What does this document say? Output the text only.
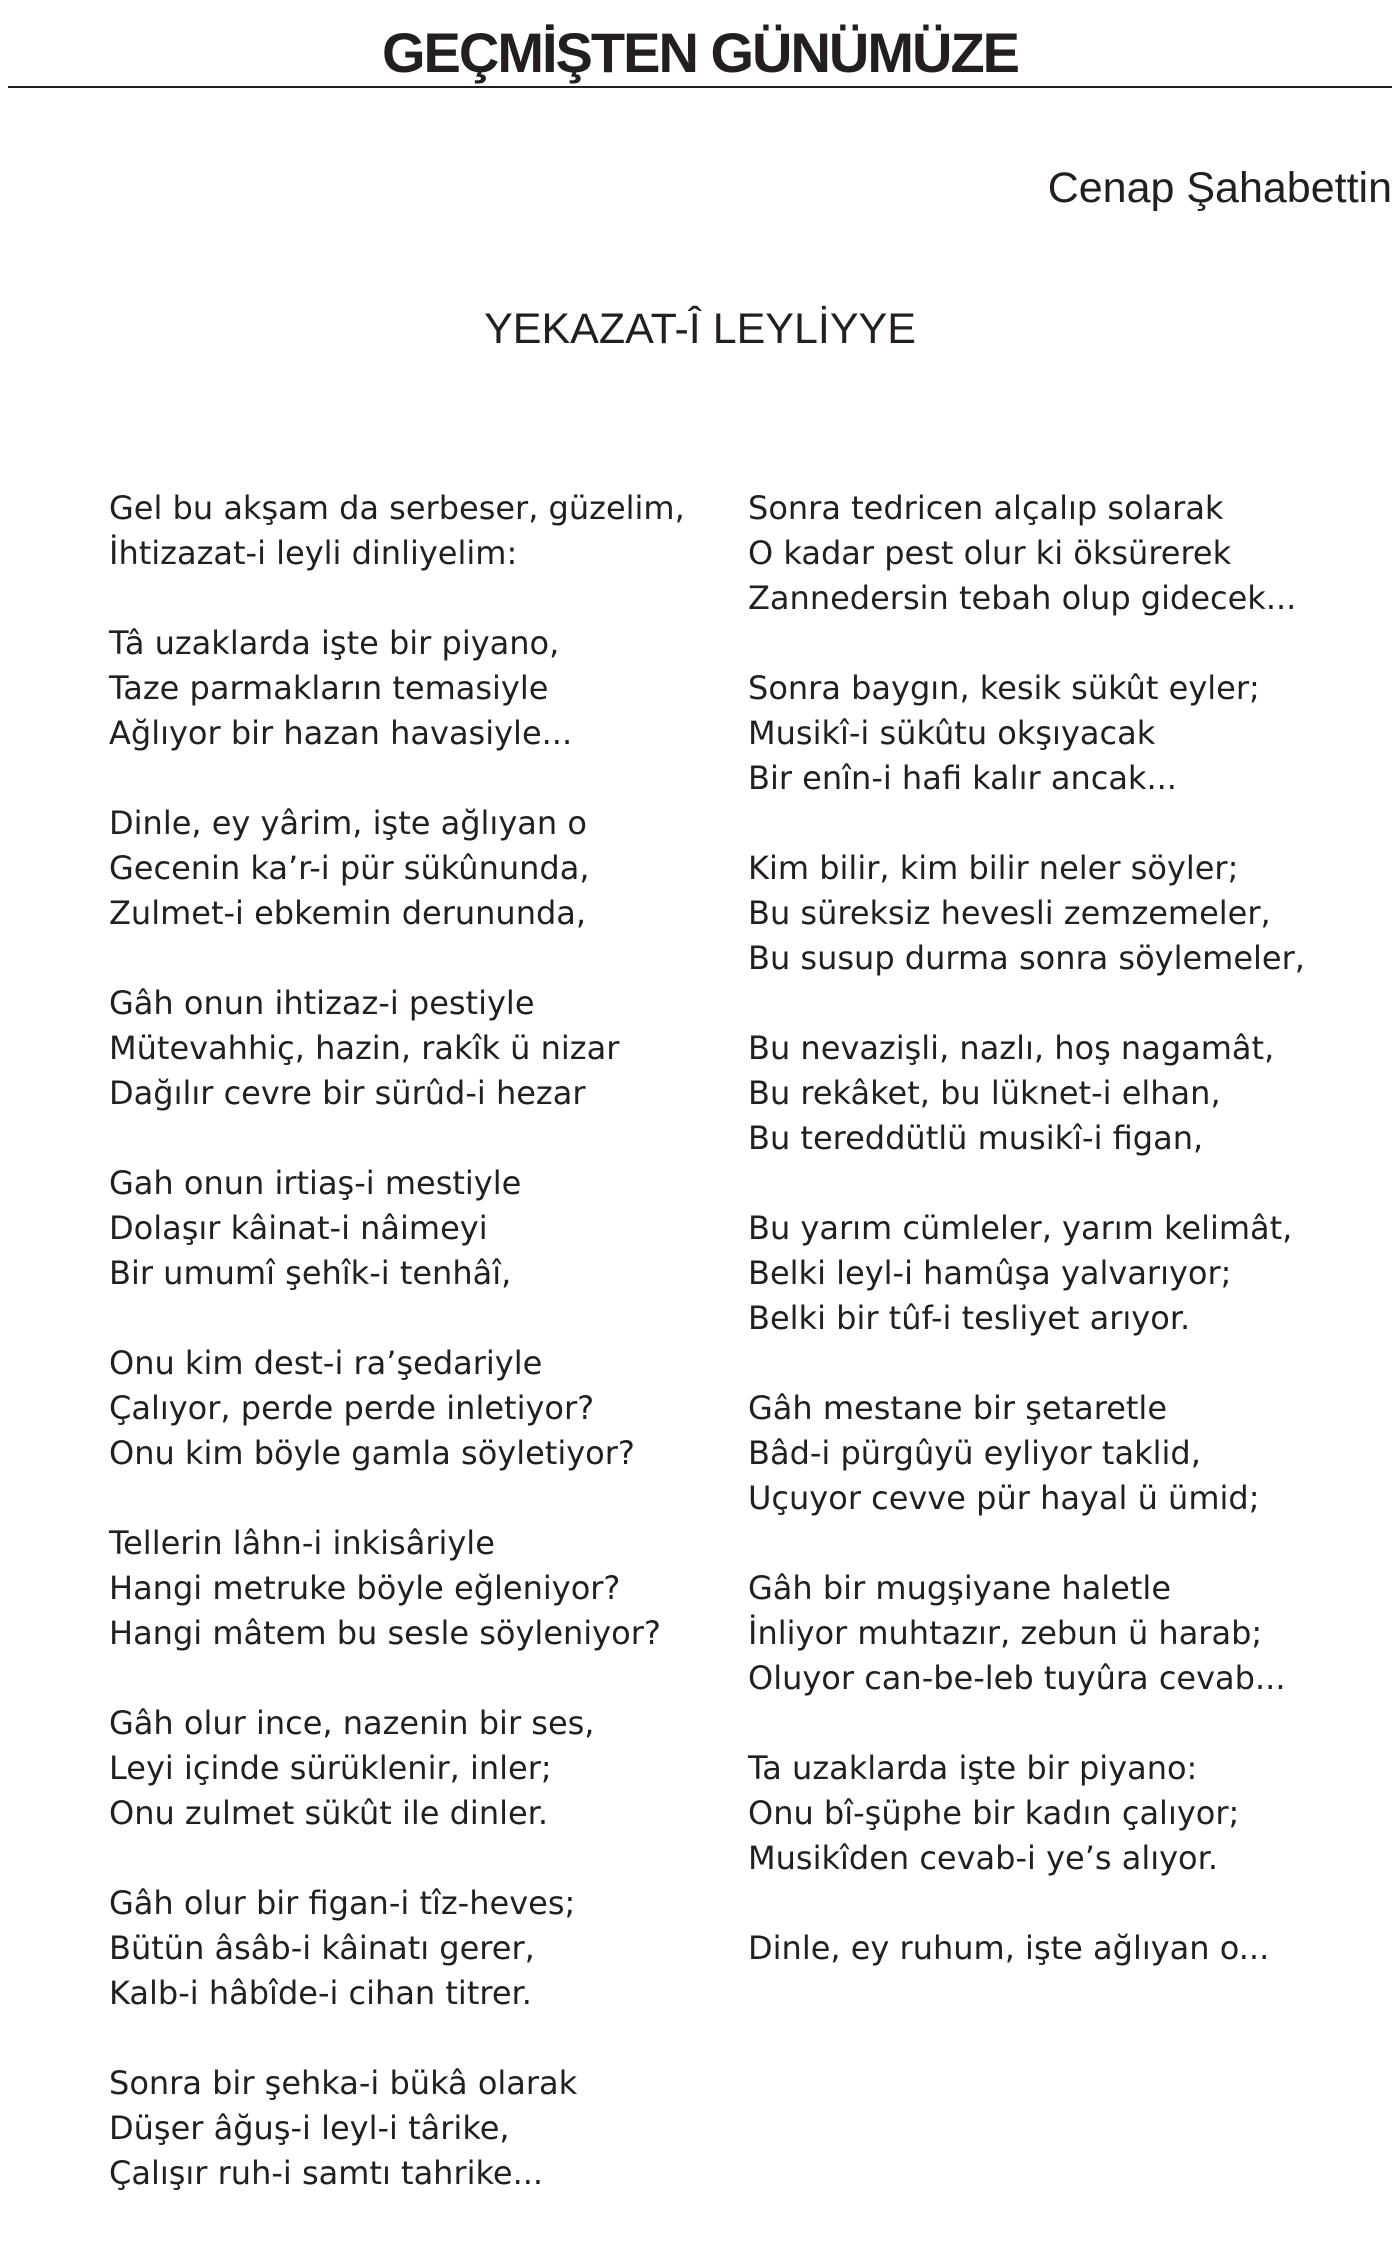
GEÇMİŞTEN GÜNÜMÜZE
Cenap Şahabettin
YEKAZAT-Î LEYLİYYE
Gel bu akşam da serbeser, güzelim,
İhtizazat-i leyli dinliyelim:
Tâ uzaklarda işte bir piyano,
Taze parmakların temasiyle
Ağlıyor bir hazan havasiyle...
Dinle, ey yârim, işte ağlıyan o
Gecenin ka’r-i pür sükûnunda,
Zulmet-i ebkemin derununda,
Gâh onun ihtizaz-i pestiyle
Mütevahhiç, hazin, rakîk ü nizar
Dağılır cevre bir sürûd-i hezar
Gah onun irtiaş-i mestiyle
Dolaşır kâinat-i nâimeyi
Bir umumî şehîk-i tenhâî,
Onu kim dest-i ra’şedariyle
Çalıyor, perde perde inletiyor?
Onu kim böyle gamla söyletiyor?
Tellerin lâhn-i inkisâriyle
Hangi metruke böyle eğleniyor?
Hangi mâtem bu sesle söyleniyor?
Gâh olur ince, nazenin bir ses,
Leyi içinde sürüklenir, inler;
Onu zulmet sükût ile dinler.
Gâh olur bir figan-i tîz-heves;
Bütün âsâb-i kâinatı gerer,
Kalb-i hâbîde-i cihan titrer.
Sonra bir şehka-i bükâ olarak
Düşer âğuş-i leyl-i târike,
Çalışır ruh-i samtı tahrike...
Sonra tedricen alçalıp solarak
O kadar pest olur ki öksürerek
Zannedersin tebah olup gidecek...
Sonra baygın, kesik sükût eyler;
Musikî-i sükûtu okşıyacak
Bir enîn-i hafi kalır ancak...
Kim bilir, kim bilir neler söyler;
Bu süreksiz hevesli zemzemeler,
Bu susup durma sonra söylemeler,
Bu nevazişli, nazlı, hoş nagamât,
Bu rekâket, bu lüknet-i elhan,
Bu tereddütlü musikî-i figan,
Bu yarım cümleler, yarım kelimât,
Belki leyl-i hamûşa yalvarıyor;
Belki bir tûf-i tesliyet arıyor.
Gâh mestane bir şetaretle
Bâd-i pürgûyü eyliyor taklid,
Uçuyor cevve pür hayal ü ümid;
Gâh bir mugşiyane haletle
İnliyor muhtazır, zebun ü harab;
Oluyor can-be-leb tuyûra cevab...
Ta uzaklarda işte bir piyano:
Onu bî-şüphe bir kadın çalıyor;
Musikîden cevab-i ye’s alıyor.
Dinle, ey ruhum, işte ağlıyan o...
